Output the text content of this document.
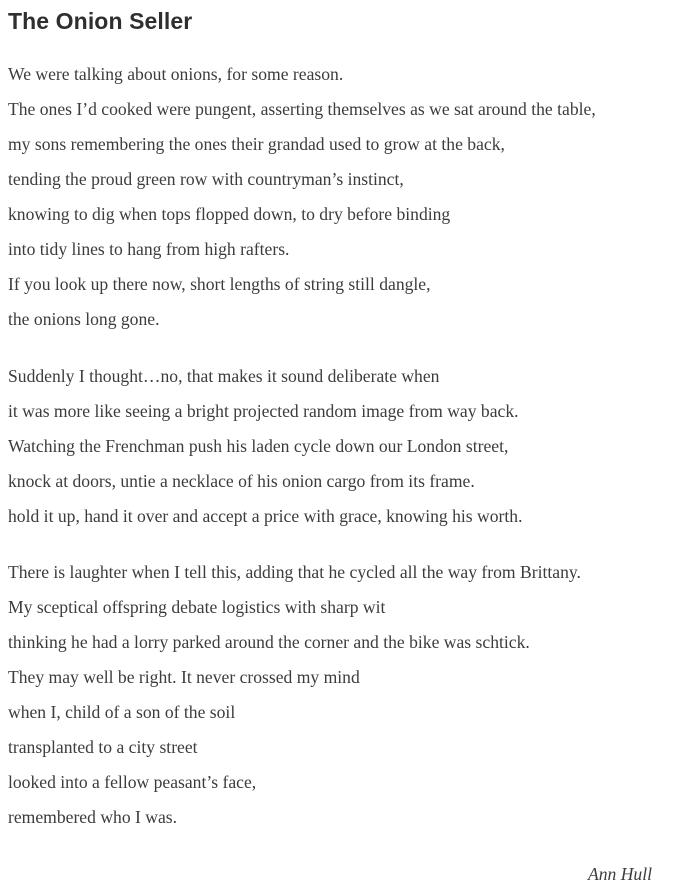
The Onion Seller
We were talking about onions, for some reason.
The ones I’d cooked were pungent, asserting themselves as we sat around the table,
my sons remembering the ones their grandad used to grow at the back,
tending the proud green row with countryman’s instinct,
knowing to dig when tops flopped down, to dry before binding
into tidy lines to hang from high rafters.
If you look up there now, short lengths of string still dangle,
the onions long gone.
Suddenly I thought…no, that makes it sound deliberate when
it was more like seeing a bright projected random image from way back.
Watching the Frenchman push his laden cycle down our London street,
knock at doors, untie a necklace of his onion cargo from its frame.
hold it up, hand it over and accept a price with grace, knowing his worth.
There is laughter when I tell this, adding that he cycled all the way from Brittany.
My sceptical offspring debate logistics with sharp wit
thinking he had a lorry parked around the corner and the bike was schtick.
They may well be right. It never crossed my mind
when I, child of a son of the soil
transplanted to a city street
looked into a fellow peasant’s face,
remembered who I was.

Ann Hull
